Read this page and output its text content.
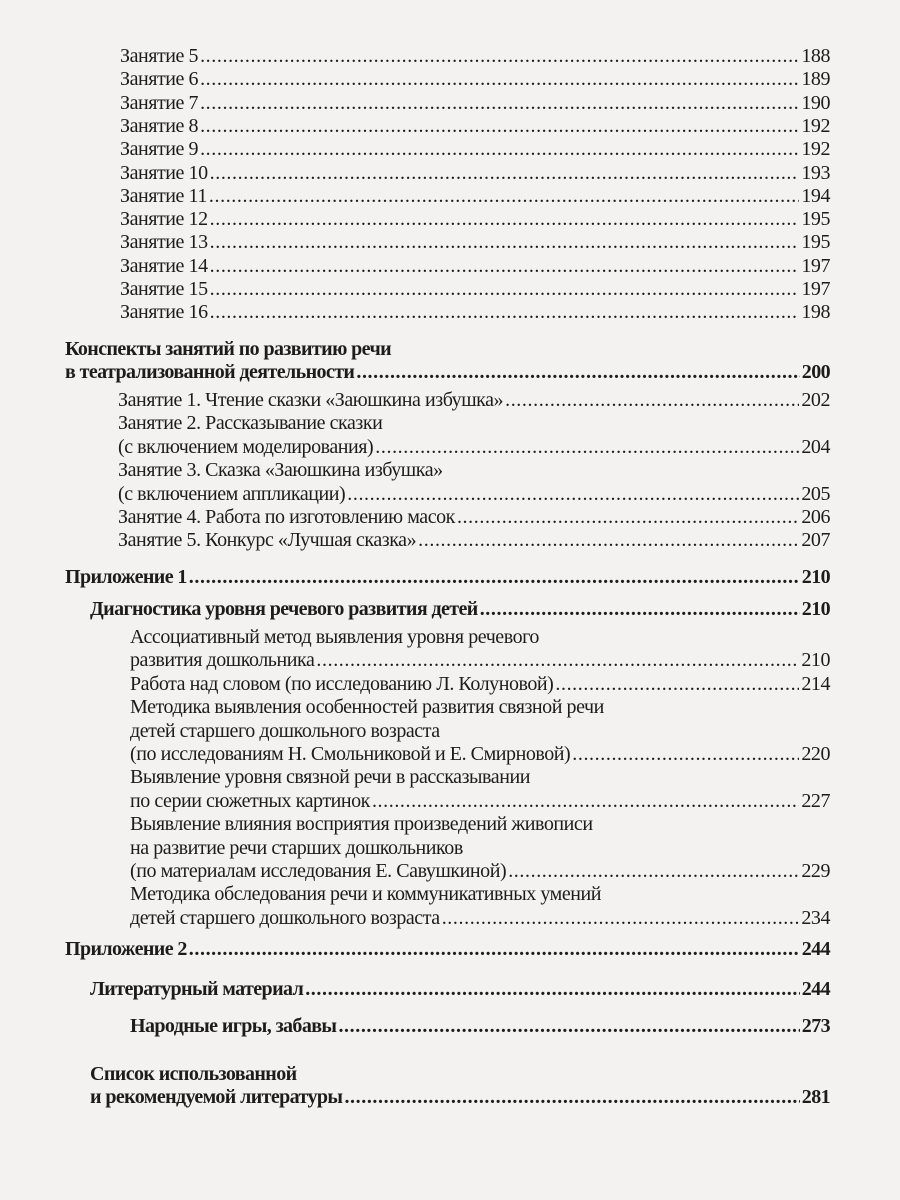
Занятие 5 .....	188
Занятие 6 .....	189
Занятие 7 .....	190
Занятие 8 .....	192
Занятие 9 .....	192
Занятие 10 .....	193
Занятие 11 .....	194
Занятие 12 .....	195
Занятие 13 .....	195
Занятие 14 .....	197
Занятие 15 .....	197
Занятие 16 .....	198
Конспекты занятий по развитию речи
в театрализованной деятельности .....	200
Занятие 1. Чтение сказки «Заюшкина избушка» .....	202
Занятие 2. Рассказывание сказки
(с включением моделирования) .....	204
Занятие 3. Сказка «Заюшкина избушка»
(с включением аппликации) .....	205
Занятие 4. Работа по изготовлению масок .....	206
Занятие 5. Конкурс «Лучшая сказка» .....	207
Приложение 1 .....	210
Диагностика уровня речевого развития детей .....	210
Ассоциативный метод выявления уровня речевого
развития дошкольника .....	210
Работа над словом (по исследованию Л. Колуновой) .....	214
Методика выявления особенностей развития связной речи
детей старшего дошкольного возраста
(по исследованиям Н. Смольниковой и Е. Смирновой) .....	220
Выявление уровня связной речи в рассказывании
по серии сюжетных картинок .....	227
Выявление влияния восприятия произведений живописи
на развитие речи старших дошкольников
(по материалам исследования Е. Савушкиной) .....	229
Методика обследования речи и коммуникативных умений
детей старшего дошкольного возраста .....	234
Приложение 2 .....	244
Литературный материал .....	244
Народные игры, забавы .....	273
Список использованной
и рекомендуемой литературы .....	281
